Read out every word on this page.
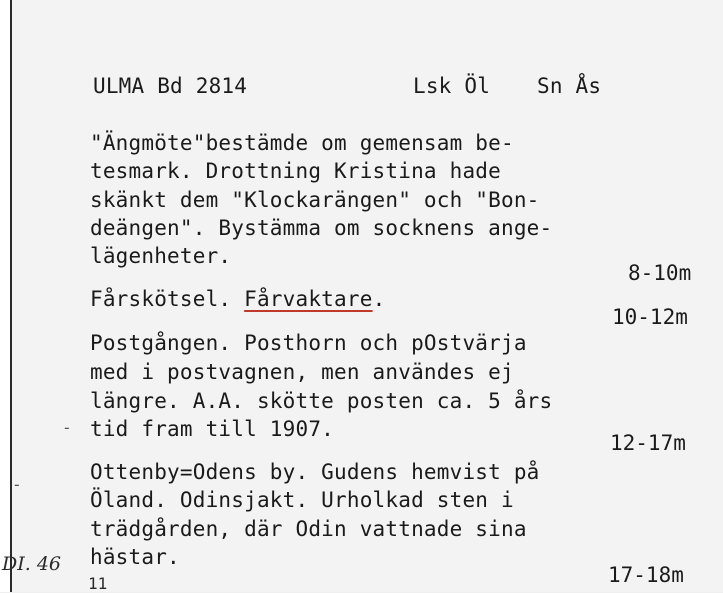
ULMA Bd 2814	Lsk Öl Sn Ås
"Ängmöte"bestämde om gemensam be-
tesmark. Drottning Kristina hade
skänkt dem "Klockarängen" och "Bon-
deängen". Bystämma om socknens ange-
lägenheter.
8-10m
Fårskötsel. Fårvaktare.
10-12m
Postgången. Posthorn och pOstvärja
med i postvagnen, men användes ej
längre. A.A. skötte posten ca. 5 års
tid fram till 1907.
12-17m
Ottenby=Odens by. Gudens hemvist på
Öland. Odinsjakt. Urholkad sten i
trädgården, där Odin vattnade sina
hästar.
17-18m
-
-
DI. 46
11
